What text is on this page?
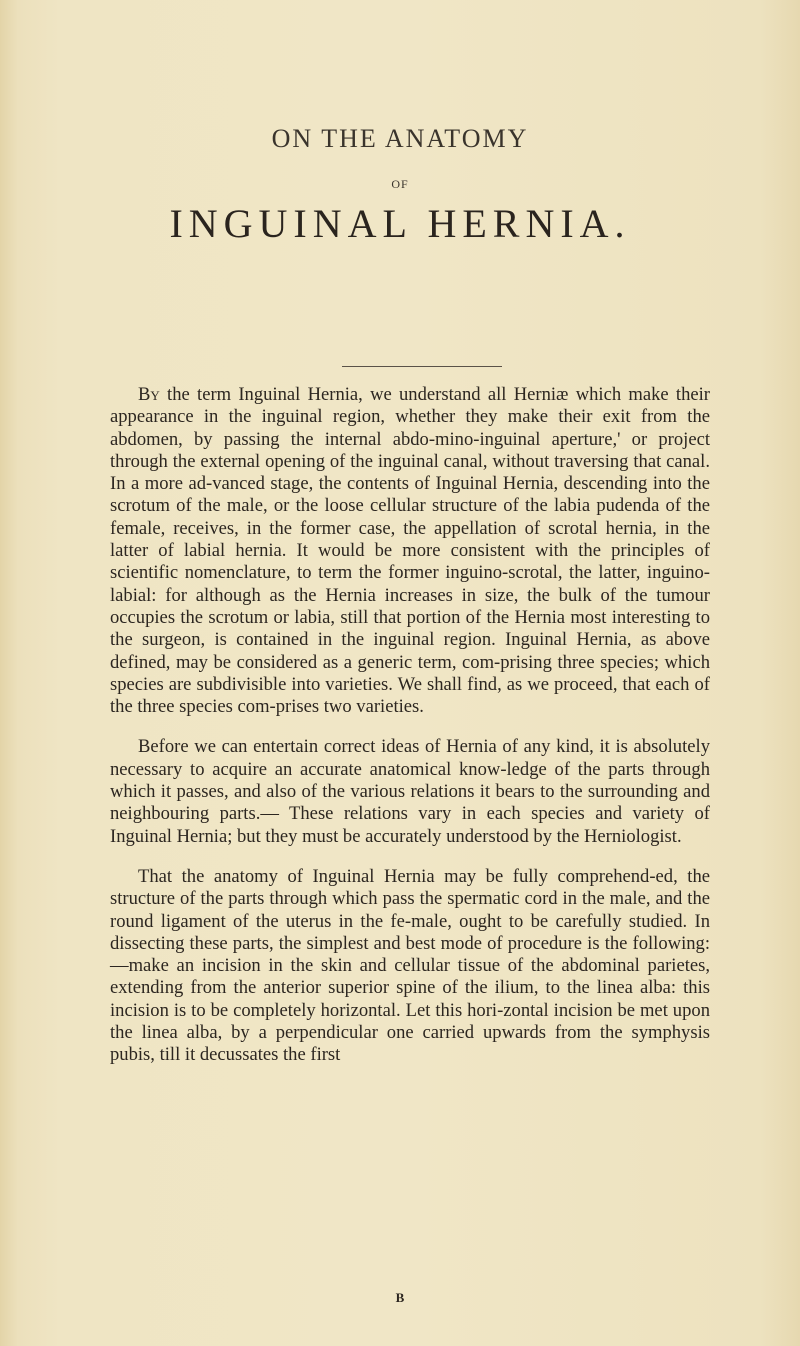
ON THE ANATOMY
OF
INGUINAL HERNIA.

By the term Inguinal Hernia, we understand all Herniæ which make their appearance in the inguinal region, whether they make their exit from the abdomen, by passing the internal abdo-mino-inguinal aperture,' or project through the external opening of the inguinal canal, without traversing that canal. In a more ad-vanced stage, the contents of Inguinal Hernia, descending into the scrotum of the male, or the loose cellular structure of the labia pudenda of the female, receives, in the former case, the appellation of scrotal hernia, in the latter of labial hernia. It would be more consistent with the principles of scientific nomenclature, to term the former inguino-scrotal, the latter, inguino-labial: for although as the Hernia increases in size, the bulk of the tumour occupies the scrotum or labia, still that portion of the Hernia most interesting to the surgeon, is contained in the inguinal region. Inguinal Hernia, as above defined, may be considered as a generic term, com-prising three species; which species are subdivisible into varieties. We shall find, as we proceed, that each of the three species com-prises two varieties.

Before we can entertain correct ideas of Hernia of any kind, it is absolutely necessary to acquire an accurate anatomical know-ledge of the parts through which it passes, and also of the various relations it bears to the surrounding and neighbouring parts.— These relations vary in each species and variety of Inguinal Hernia; but they must be accurately understood by the Herniologist.

That the anatomy of Inguinal Hernia may be fully comprehend-ed, the structure of the parts through which pass the spermatic cord in the male, and the round ligament of the uterus in the fe-male, ought to be carefully studied. In dissecting these parts, the simplest and best mode of procedure is the following:—make an incision in the skin and cellular tissue of the abdominal parietes, extending from the anterior superior spine of the ilium, to the linea alba: this incision is to be completely horizontal. Let this hori-zontal incision be met upon the linea alba, by a perpendicular one carried upwards from the symphysis pubis, till it decussates the first

B
